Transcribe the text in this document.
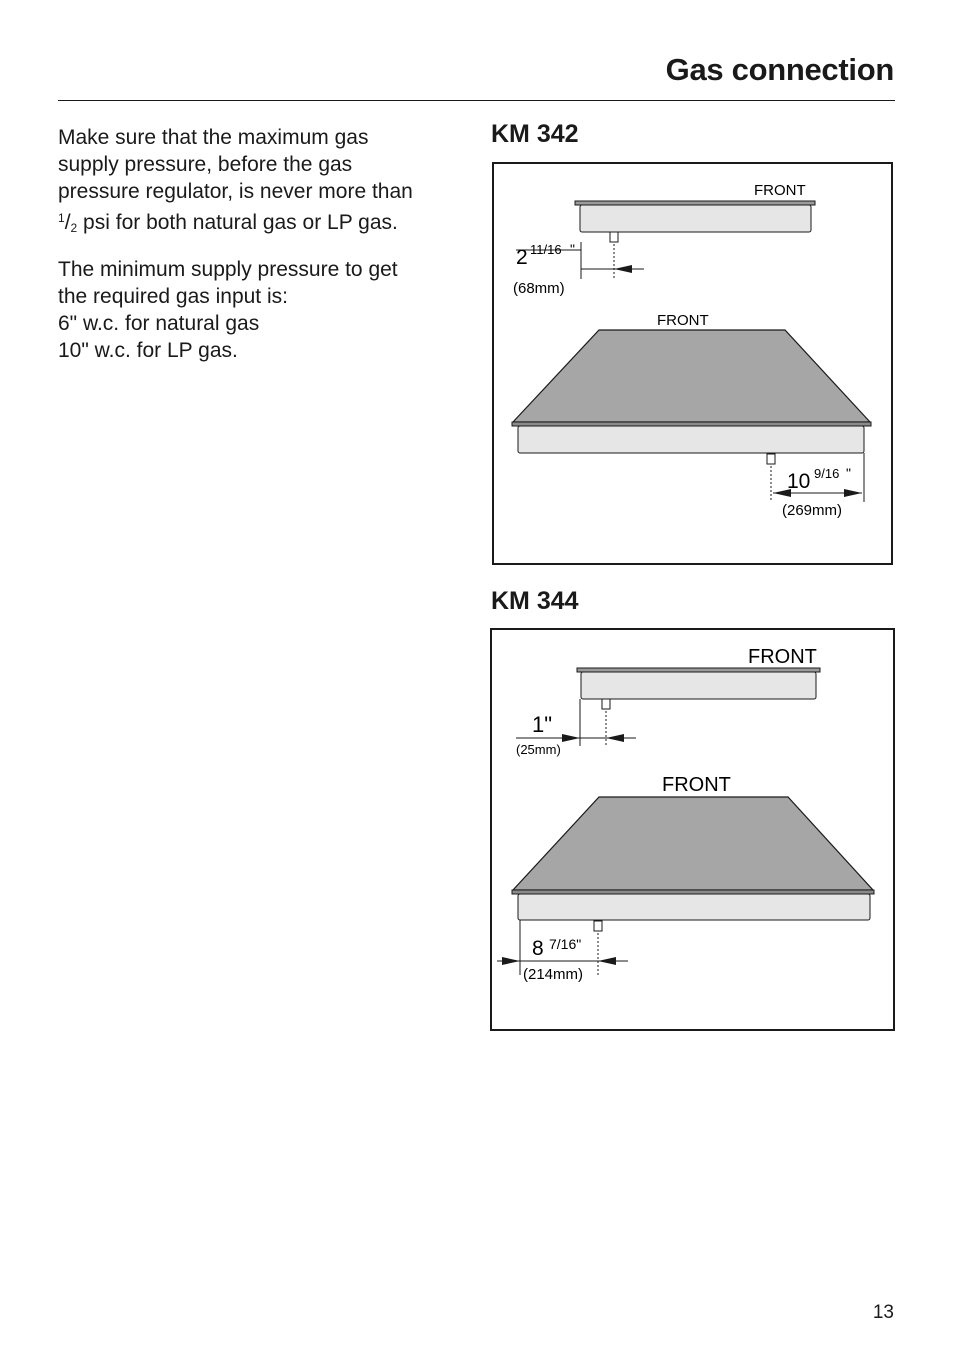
Gas connection

Make sure that the maximum gas
supply pressure, before the gas
pressure regulator, is never more than
$^1/_2$ psi for both natural gas or LP gas.

The minimum supply pressure to get
the required gas input is:
6" w.c. for natural gas
10" w.c. for LP gas.

KM 342
FRONT
2 11/16 "
(68mm)
FRONT
10 9/16 "
(269mm)
KM 344
FRONT
1"
(25mm)
FRONT
8 7/16"
(214mm)
13
